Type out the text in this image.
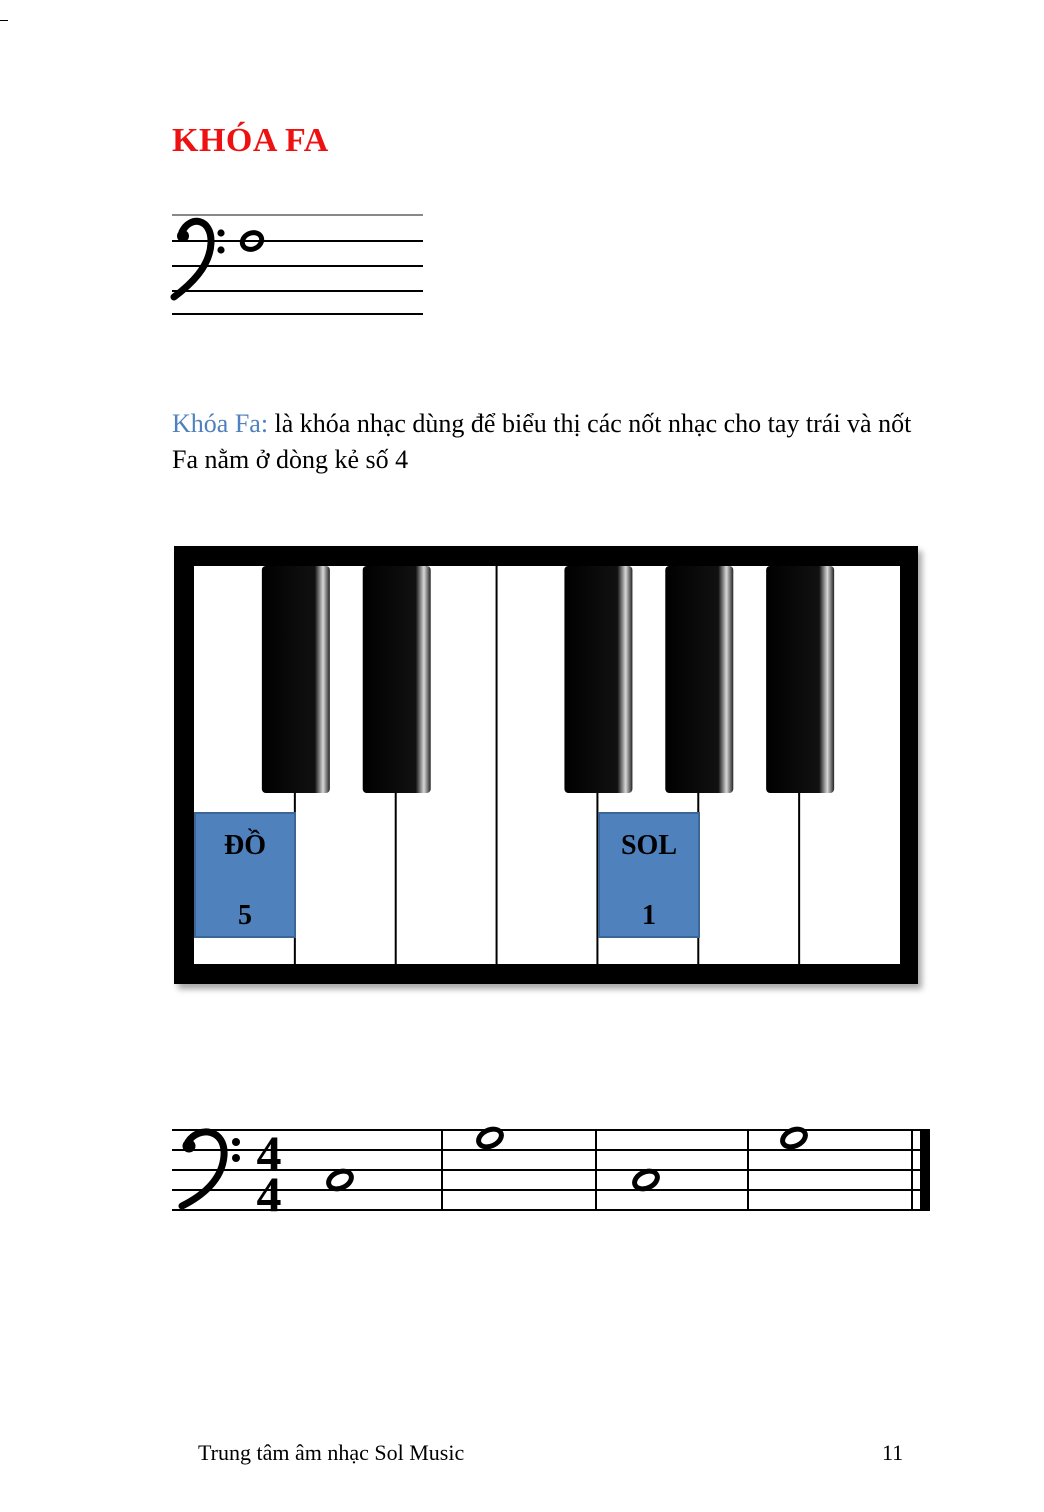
KHÓA FA
Khóa Fa: là khóa nhạc dùng để biểu thị các nốt nhạc cho tay trái và nốt Fa nằm ở dòng kẻ số 4
ĐỒ
5
SOL
1
4
4
Trung tâm âm nhạc Sol Music	11
